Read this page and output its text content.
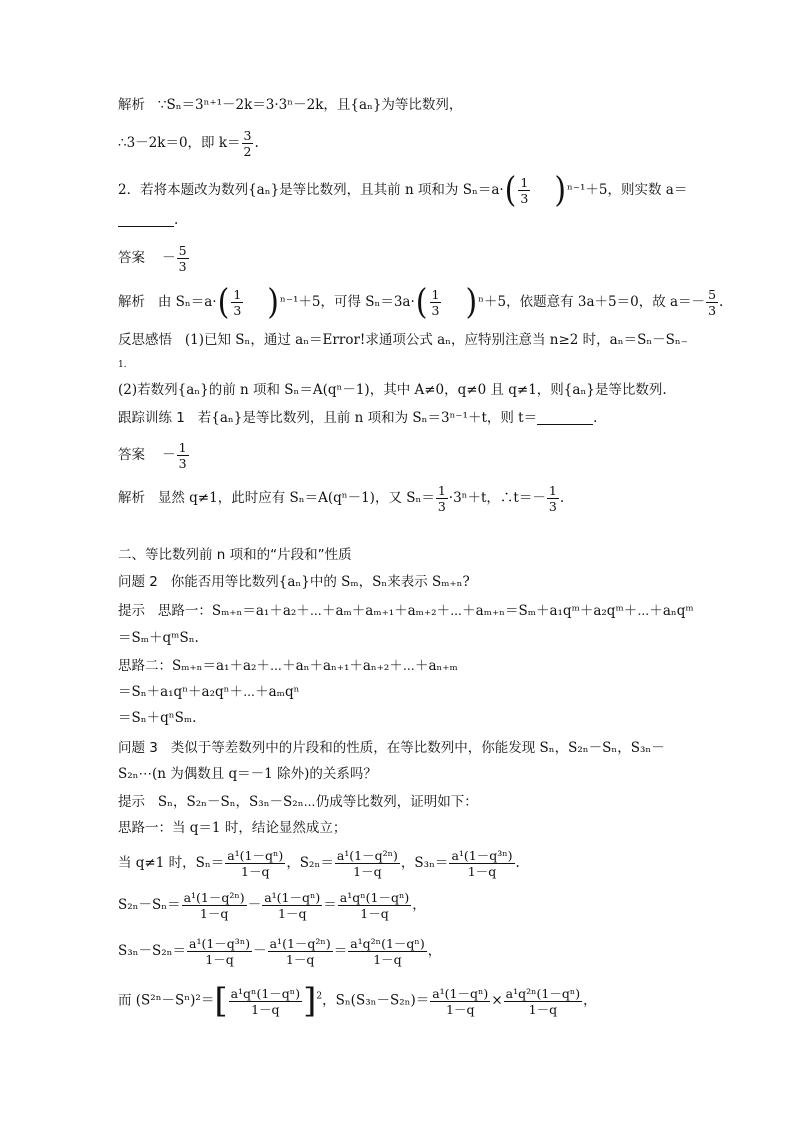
解析 ∵Sₙ＝3ⁿ⁺¹－2k＝3·3ⁿ－2k，且{aₙ}为等比数列，
∴3－2k＝0，即 $k= \frac{3}{2}$ .
2．若将本题改为数列{aₙ}是等比数列，且其前 n 项和为 $S_n=a\cdot( \frac{1}{3} )^{n-1}+5$，则实数 a＝
.
答案 － $\frac{5}{3}$
解析 由 $S_n=a\cdot( \frac{1}{3} )^{n-1}+5$，可得 $S_n=3a\cdot( \frac{1}{3} )^n+5$，依题意有 3a＋5＝0，故 $a=- \frac{5}{3}$ .
反思感悟 (1)已知 Sₙ，通过 aₙ＝Error!求通项公式 aₙ，应特别注意当 n≥2 时，aₙ＝Sₙ－Sₙ₋
1.
(2)若数列{aₙ}的前 n 项和 Sₙ＝A(qⁿ－1)，其中 A≠0，q≠0 且 q≠1，则{aₙ}是等比数列.
跟踪训练 1 若{aₙ}是等比数列，且前 n 项和为 Sₙ＝3ⁿ⁻¹＋t，则 t＝	.
答案 － $\frac{1}{3}$
解析 显然 q≠1，此时应有 Sₙ＝A(qⁿ－1)，又 $S_n= \frac{1}{3} \cdot 3^n+t$，∴t＝－ $\frac{1}{3}$ .
二、等比数列前 n 项和的“片段和”性质
问题 2 你能否用等比数列{aₙ}中的 Sₘ，Sₙ来表示 Sₘ₊ₙ?
提示 思路一：Sₘ₊ₙ＝a₁＋a₂＋⋯＋aₘ＋aₘ₊₁＋aₘ₊₂＋⋯＋aₘ₊ₙ＝Sₘ＋a₁qᵐ＋a₂qᵐ＋⋯＋aₙqᵐ
＝Sₘ＋qᵐSₙ.
思路二：Sₘ₊ₙ＝a₁＋a₂＋⋯＋aₙ＋aₙ₊₁＋aₙ₊₂＋⋯＋aₙ₊ₘ
＝Sₙ＋a₁qⁿ＋a₂qⁿ＋⋯＋aₘqⁿ
＝Sₙ＋qⁿSₘ.
问题 3 类似于等差数列中的片段和的性质，在等比数列中，你能发现 Sₙ，S₂ₙ－Sₙ，S₃ₙ－
S₂ₙ⋯(n 为偶数且 q＝－1 除外)的关系吗？
提示 Sₙ，S₂ₙ－Sₙ，S₃ₙ－S₂ₙ⋯仍成等比数列，证明如下：
思路一：当 q＝1 时，结论显然成立；
当 q≠1 时，$S_n= \frac{\text{a¹(1－qⁿ)}}{1-q}$ ，$S_{2n}= \frac{\text{a¹(1－q²ⁿ)}}{1-q}$ ，$S_{3n}= \frac{\text{a¹(1－q³ⁿ)}}{1-q}$ .
$S_{2n}-S_n= \frac{\text{a¹(1－q²ⁿ)}}{1-q} - \frac{\text{a¹(1－qⁿ)}}{1-q} = \frac{\text{a¹qⁿ(1－qⁿ)}}{1-q}$ ，
$S_{3n}-S_{2n}= \frac{\text{a¹(1－q³ⁿ)}}{1-q} - \frac{\text{a¹(1－q²ⁿ)}}{1-q} = \frac{\text{a¹q²ⁿ(1－qⁿ)}}{1-q}$ ，
而 $(S^{2n}-S^n)^2=[ \frac{\text{a¹qⁿ(1－qⁿ)}}{1-q} ]^2$，$S_n(S_{3n}-S_{2n})= \frac{\text{a¹(1－qⁿ)}}{1-q} \times \frac{\text{a¹q²ⁿ(1－qⁿ)}}{1-q}$ ，
